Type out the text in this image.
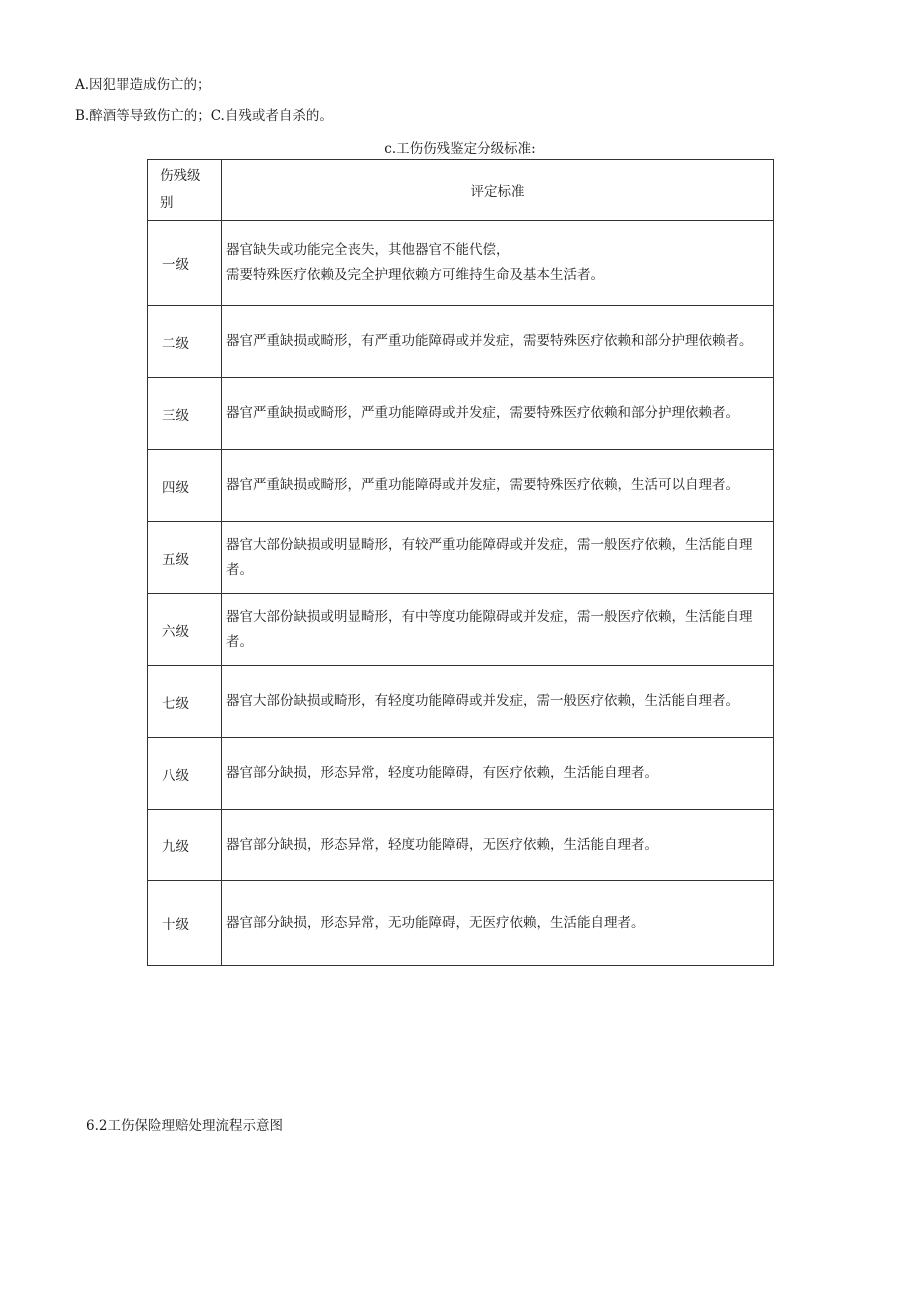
A.因犯罪造成伤亡的；
B.醉酒等导致伤亡的；C.自残或者自杀的。
c.工伤伤残鉴定分级标准:
伤残级别	评定标准
一级	器官缺失或功能完全丧失，其他器官不能代偿，
需要特殊医疗依赖及完全护理依赖方可维持生命及基本生活者。

二级	器官严重缺损或畸形，有严重功能障碍或并发症，需要特殊医疗依赖和部分护理依赖者。
三级	器官严重缺损或畸形，严重功能障碍或并发症，需要特殊医疗依赖和部分护理依赖者。
四级	器官严重缺损或畸形，严重功能障碍或并发症，需要特殊医疗依赖，生活可以自理者。
五级	器官大部份缺损或明显畸形，有较严重功能障碍或并发症，需一般医疗依赖，生活能自理者。
六级	器官大部份缺损或明显畸形，有中等度功能隙碍或并发症，需一般医疗依赖，生活能自理者。
七级	器官大部份缺损或畸形，有轻度功能障碍或并发症，需一般医疗依赖，生活能自理者。
八级	器官部分缺损，形态异常，轻度功能障碍，有医疗依赖，生活能自理者。
九级	器官部分缺损，形态异常，轻度功能障碍，无医疗依赖，生活能自理者。
十级	器官部分缺损，形态异常，无功能障碍，无医疗依赖，生活能自理者。
6.2工伤保险理赔处理流程示意图
